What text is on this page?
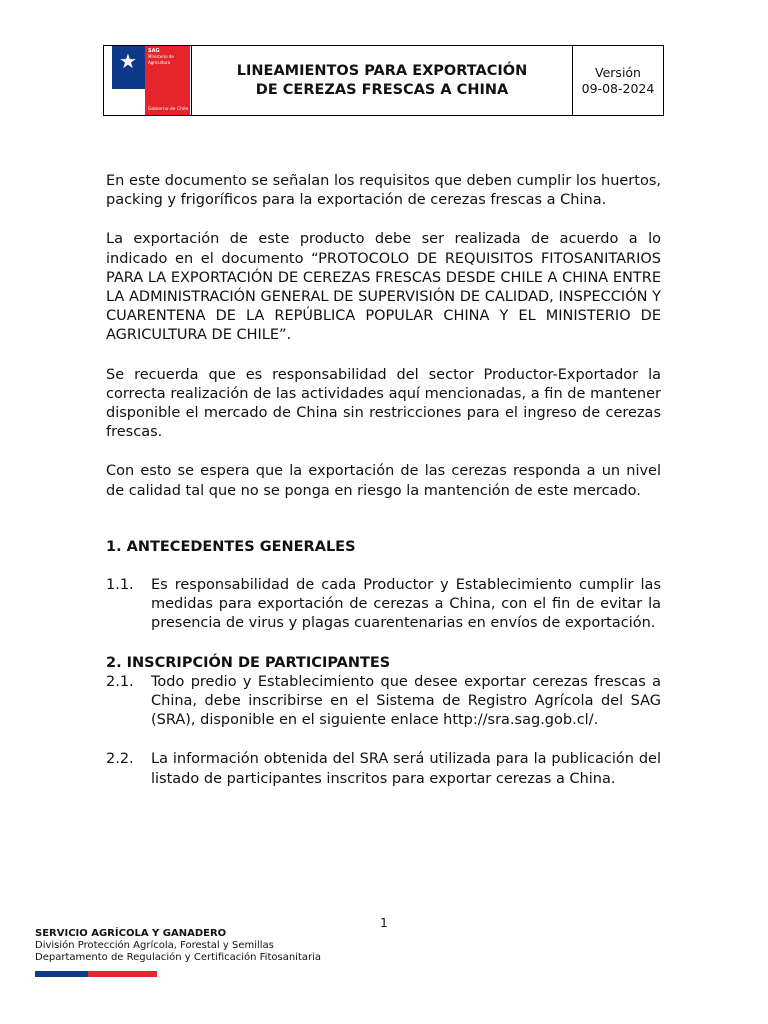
★	SAG
Ministerio de Agricultura
Gobierno de Chile
LINEAMIENTOS PARA EXPORTACIÓN
DE CEREZAS FRESCAS A CHINA
Versión
09-08-2024

En este documento se señalan los requisitos que deben cumplir los huertos, packing y frigoríficos para la exportación de cerezas frescas a China.

La exportación de este producto debe ser realizada de acuerdo a lo indicado en el documento “PROTOCOLO DE REQUISITOS FITOSANITARIOS PARA LA EXPORTACIÓN DE CEREZAS FRESCAS DESDE CHILE A CHINA ENTRE LA ADMINISTRACIÓN GENERAL DE SUPERVISIÓN DE CALIDAD, INSPECCIÓN Y CUARENTENA DE LA REPÚBLICA POPULAR CHINA Y EL MINISTERIO DE AGRICULTURA DE CHILE”.

Se recuerda que es responsabilidad del sector Productor-Exportador la correcta realización de las actividades aquí mencionadas, a fin de mantener disponible el mercado de China sin restricciones para el ingreso de cerezas frescas.

Con esto se espera que la exportación de las cerezas responda a un nivel de calidad tal que no se ponga en riesgo la mantención de este mercado.

1. ANTECEDENTES GENERALES
1.1.	Es responsabilidad de cada Productor y Establecimiento cumplir las medidas para exportación de cerezas a China, con el fin de evitar la presencia de virus y plagas cuarentenarias en envíos de exportación.
2. INSCRIPCIÓN DE PARTICIPANTES
2.1.	Todo predio y Establecimiento que desee exportar cerezas frescas a China, debe inscribirse en el Sistema de Registro Agrícola del SAG (SRA), disponible en el siguiente enlace http://sra.sag.gob.cl/.
2.2.	La información obtenida del SRA será utilizada para la publicación del listado de participantes inscritos para exportar cerezas a China.
1
SERVICIO AGRÍCOLA Y GANADERO
División Protección Agrícola, Forestal y Semillas
Departamento de Regulación y Certificación Fitosanitaria
